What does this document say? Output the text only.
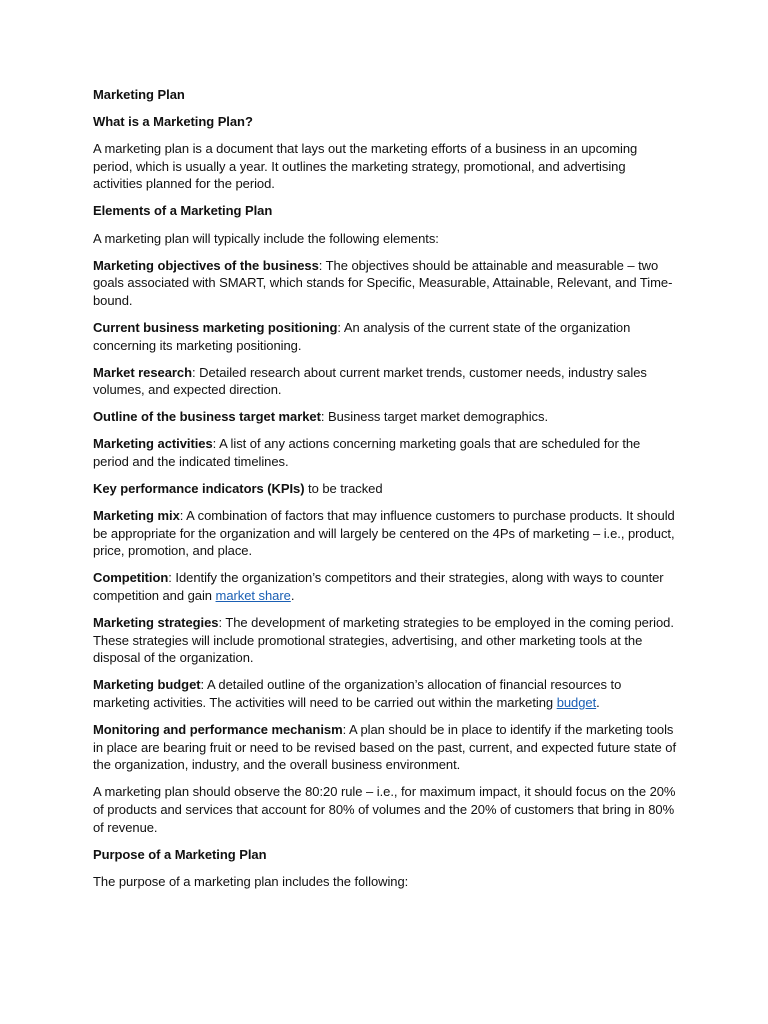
Marketing Plan

What is a Marketing Plan?

A marketing plan is a document that lays out the marketing efforts of a business in an upcoming period, which is usually a year. It outlines the marketing strategy, promotional, and advertising activities planned for the period.

Elements of a Marketing Plan

A marketing plan will typically include the following elements:

Marketing objectives of the business: The objectives should be attainable and measurable – two goals associated with SMART, which stands for Specific, Measurable, Attainable, Relevant, and Time-bound.

Current business marketing positioning: An analysis of the current state of the organization concerning its marketing positioning.

Market research: Detailed research about current market trends, customer needs, industry sales volumes, and expected direction.

Outline of the business target market: Business target market demographics.

Marketing activities: A list of any actions concerning marketing goals that are scheduled for the period and the indicated timelines.

Key performance indicators (KPIs) to be tracked

Marketing mix: A combination of factors that may influence customers to purchase products. It should be appropriate for the organization and will largely be centered on the 4Ps of marketing – i.e., product, price, promotion, and place.

Competition: Identify the organization’s competitors and their strategies, along with ways to counter competition and gain market share.

Marketing strategies: The development of marketing strategies to be employed in the coming period. These strategies will include promotional strategies, advertising, and other marketing tools at the disposal of the organization.

Marketing budget: A detailed outline of the organization’s allocation of financial resources to marketing activities. The activities will need to be carried out within the marketing budget.

Monitoring and performance mechanism: A plan should be in place to identify if the marketing tools in place are bearing fruit or need to be revised based on the past, current, and expected future state of the organization, industry, and the overall business environment.

A marketing plan should observe the 80:20 rule – i.e., for maximum impact, it should focus on the 20% of products and services that account for 80% of volumes and the 20% of customers that bring in 80% of revenue.

Purpose of a Marketing Plan

The purpose of a marketing plan includes the following:
